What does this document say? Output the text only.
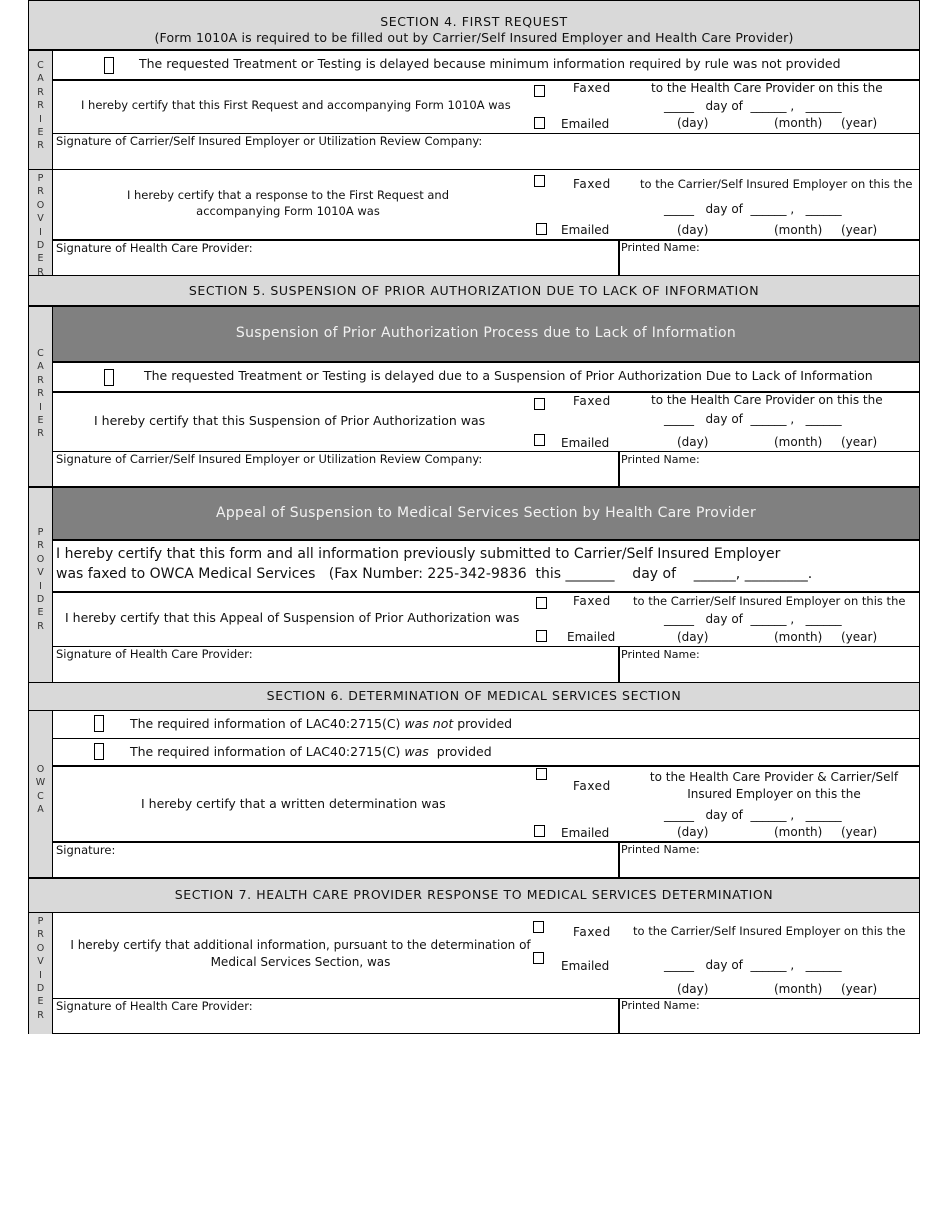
SECTION 4. FIRST REQUEST
(Form 1010A is required to be filled out by Carrier/Self Insured Employer and Health Care Provider)
C
A
R
R
I
E
R
The requested Treatment or Testing is delayed because minimum information required by rule was not provided
I hereby certify that this First Request and accompanying Form 1010A was
Faxed
Emailed
to the Health Care Provider on this the
_____   day of  ______ ,   ______
(day)	(month) (year)
Signature of Carrier/Self Insured Employer or Utilization Review Company:
P
R
O
V
I
D
E
R
I hereby certify that a response to the First Request and
accompanying Form 1010A was
Faxed
Emailed
to the Carrier/Self Insured Employer on this the
_____   day of  ______ ,   ______
(day)	(month) (year)
Signature of Health Care Provider:	Printed Name:
SECTION 5. SUSPENSION OF PRIOR AUTHORIZATION DUE TO LACK OF INFORMATION
C
A
R
R
I
E
R
Suspension of Prior Authorization Process due to Lack of Information
The requested Treatment or Testing is delayed due to a Suspension of Prior Authorization Due to Lack of Information
I hereby certify that this Suspension of Prior Authorization was
Faxed
Emailed
to the Health Care Provider on this the
_____   day of  ______ ,   ______
(day)	(month) (year)
Signature of Carrier/Self Insured Employer or Utilization Review Company:	Printed Name:
P
R
O
V
I
D
E
R
Appeal of Suspension to Medical Services Section by Health Care Provider
I hereby certify that this form and all information previously submitted to Carrier/Self Insured Employer
was faxed to OWCA Medical Services   (Fax Number: 225-342-9836  this _______    day of    ______, _________.
I hereby certify that this Appeal of Suspension of Prior Authorization was
Faxed
Emailed
to the Carrier/Self Insured Employer on this the
_____   day of  ______ ,   ______
(day)	(month) (year)
Signature of Health Care Provider:	Printed Name:
SECTION 6. DETERMINATION OF MEDICAL SERVICES SECTION
O
W
C
A
The required information of LAC40:2715(C) was not provided
The required information of LAC40:2715(C) was  provided
I hereby certify that a written determination was
Faxed
Emailed
to the Health Care Provider & Carrier/Self
Insured Employer on this the
_____   day of  ______ ,   ______
(day)	(month) (year)
Signature:	Printed Name:
SECTION 7. HEALTH CARE PROVIDER RESPONSE TO MEDICAL SERVICES DETERMINATION
P
R
O
V
I
D
E
R
I hereby certify that additional information, pursuant to the determination of
Medical Services Section, was
Faxed
Emailed
to the Carrier/Self Insured Employer on this the
_____   day of  ______ ,   ______
(day)	(month) (year)
Signature of Health Care Provider:	Printed Name:
